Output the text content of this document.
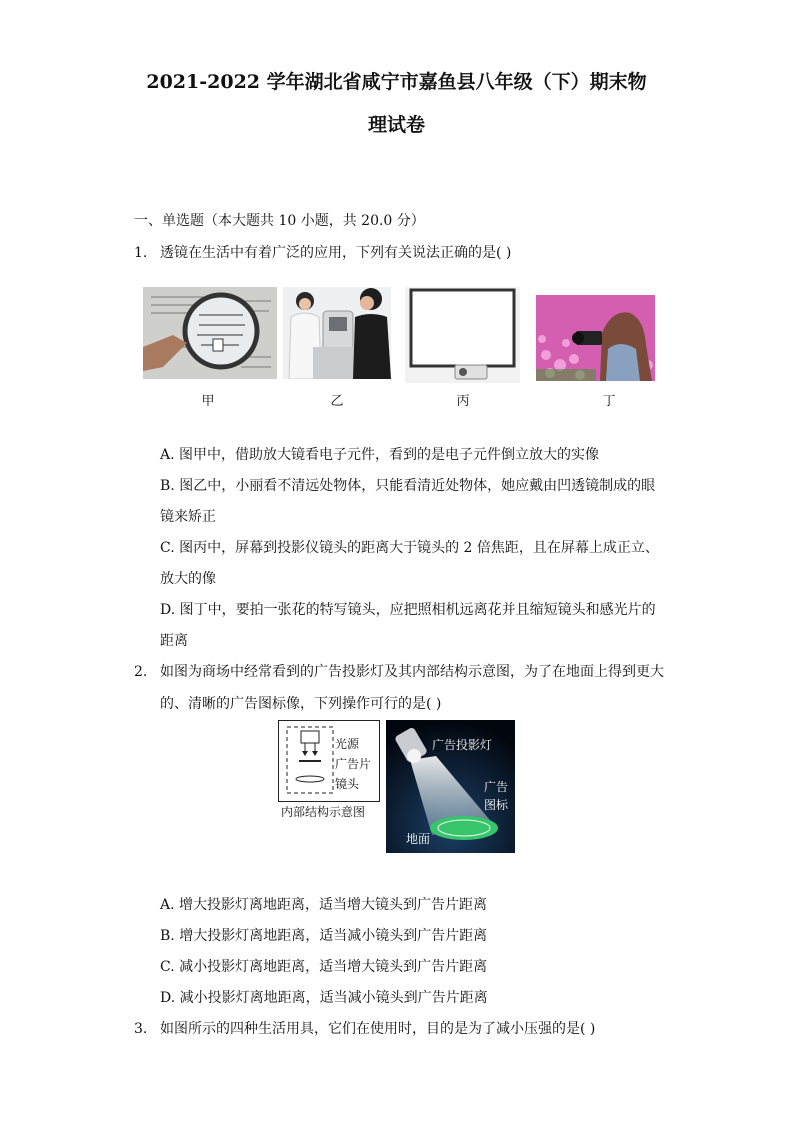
2021-2022 学年湖北省咸宁市嘉鱼县八年级（下）期末物
理试卷
一、单选题（本大题共 10 小题，共 20.0 分）
1. 透镜在生活中有着广泛的应用，下列有关说法正确的是( )
甲	乙	丙	丁
A. 图甲中，借助放大镜看电子元件，看到的是电子元件倒立放大的实像
B. 图乙中，小丽看不清远处物体，只能看清近处物体，她应戴由凹透镜制成的眼
镜来矫正
C. 图丙中，屏幕到投影仪镜头的距离大于镜头的 2 倍焦距，且在屏幕上成正立、
放大的像
D. 图丁中，要拍一张花的特写镜头，应把照相机远离花并且缩短镜头和感光片的
距离
2. 如图为商场中经常看到的广告投影灯及其内部结构示意图，为了在地面上得到更大
的、清晰的广告图标像，下列操作可行的是( )
光源
广告片
镜头
内部结构示意图
广告投影灯
广告
图标
地面
A. 增大投影灯离地距离，适当增大镜头到广告片距离
B. 增大投影灯离地距离，适当减小镜头到广告片距离
C. 减小投影灯离地距离，适当增大镜头到广告片距离
D. 减小投影灯离地距离，适当减小镜头到广告片距离
3. 如图所示的四种生活用具，它们在使用时，目的是为了减小压强的是( )
